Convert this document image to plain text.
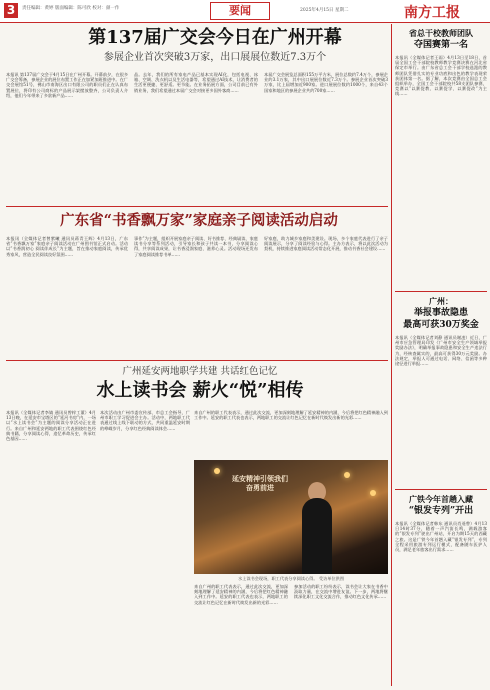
3	责任编辑：黄婷 版面编辑：陈可欣 校对：颜一作	要闻	2025年4月15日 星期二	南方工报
第137届广交会今日在广州开幕
参展企业首次突破3万家，出口展展位数近7.3万个
本报讯 第137届广交会于4月15日在广州开幕。开幕前夕，在很多广交会筹备，参展企业的展位布置工作正在加紧加班推进中。在广交会展馆51号，佛山市南海区出口有限公司的职员们正在认真布置展位，将印有公司商标的产品展示架摆放整齐，公司负责人介绍，他们今年带来了多款新产品……
品。去年，我们的所有家电产品已基本实现AI化，包括电视、冰箱、空调、洗衣机以及生活电器等，希望通过AI技术，让消费者的生活更便捷、更舒适。更节能。在业务拓展方面，公司目前已有外销业务，我们希望通过本届广交会对接更多国外客商……
本届广交会展览总面积155万平方米，展位总数约7.4万个，参展企业约3.1万家，其中出口展展位数近7.3万个。参展企业首次突破3万家，比上届增加近900家。进口展展位数约1000个，来自43个国家和地区的参展企业共约700家……
广东省“书香飘万家”家庭亲子阅读活动启动
本报讯（全媒体记者曾紫曦 通讯员蒋青王辉）4月13日，广东省“书香飘万家”家庭亲子阅读活动在广州图书馆正式启动。活动以“书香润初心 阅读伴成长”为主题，旨在推动家庭阅读，传承优秀家风，营造全民阅读良好氛围……
事作”为主题，组织开展家庭亲子阅读、好书推荐、经典诵读、家庭读书分享等系列活动，引导家长和孩子共读一本书，分享阅读心得，共享阅读成果，让书香浸润家庭、滋养心灵。活动现场还发布了家庭阅读推荐书单……
好家庭，助力城乡家庭和美建设。现场，多个家庭代表进行了亲子阅读展示，分享了阅读经验与心得。主办方表示，将以此次活动为契机，持续推进家庭阅读活动常态化开展，推动书香社会建设……
广州延安两地职学共建 共话红色记忆
水上读书会 薪火“悦”相传
本报讯（全媒体记者李婧 通讯员曾梓工董）4月13日晚，在延安市宝塔区的“延河书房”内，一场以“水上读书会”为主题的阅读分享活动正在进行。来自广州和延安两地的职工代表围绕红色经典书籍，分享阅读心得，追忆革命历史，传承红色基因……
本次活动由广州市委宣传部、市总工会指导，广州市职工学习促进会主办。活动中，两地职工代表通过线上线下联动的方式，共同重温延安时期的峥嵘岁月，分享红色经典阅读体会……
来自广州的职工代表表示，通过此次交流，更加深刻地理解了延安精神的内涵，今后将把红色精神融入到工作中。延安的职工代表也表示，两地职工的交流让红色记忆在新时代焕发出新的光彩……
参加活动的职工纷纷表示，读书会让大家在书香中汲取力量，在交流中增进友谊。下一步，两地将继续深化职工文化交流合作，推动红色文化传承……
来自广州的职工代表表示，通过此次交流，更加深刻地理解了延安精神的内涵，今后将把红色精神融入到工作中。延安的职工代表也表示，两地职工的交流让红色记忆在新时代焕发出新的光彩……
延安精神引领我们奋勇前进
水上读书会现场，职工代表分享阅读心得。 受访单位供图
省总干校教师团队
夺国赛第一名
本报讯（全媒体记者王雨）4月13日至18日，首届全国工会干部院校教师教学竞赛决赛在河北省保定市举行。由广东省总工会干部学校选派的教师团队凭借扎实的专业功底和出色的教学表现荣获团体第一名。据了解，本次竞赛由全国总工会组织举办，全国工会干部院校共58支团队参赛，竞赛以“以赛促教、以赛促学、以赛促改”为主线……
广州：
举报事故隐患
最高可获30万奖金
本报讯（全媒体记者刘静 通讯员谢凌）近日，广州市应急管理局印发《广州市安全生产领域举报奖励办法》，明确举报事故隐患和安全生产违法行为，经核查属实的，最高可获得30万元奖励。办法规定，举报人可通过电话、网络、信函等多种途径进行举报……
广铁今年首趟入藏
“银发专列”开出
本报讯（全媒体记者韩东 通讯员肖遥曾）4月13日14时37分，随着一声汽笛长鸣，满载游客的“银发专列”驶出广州站，开启为期15天的西藏之旅。这是广铁今年首趟入藏“银发专列”，专列全程采用旅游专列运行模式，配备随车医护人员，满足老年旅客出行需求……
